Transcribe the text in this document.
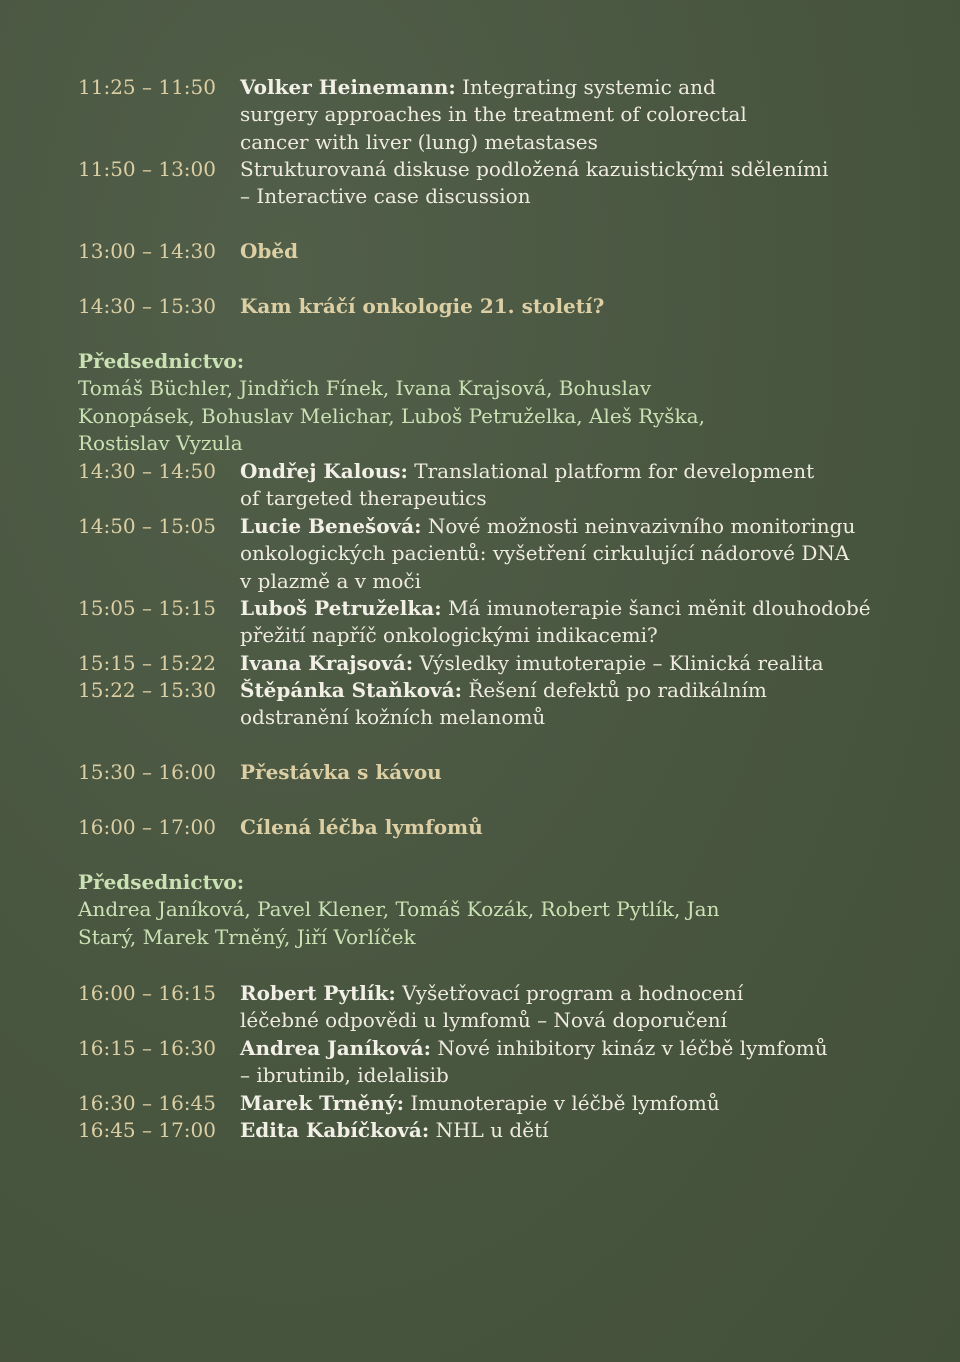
11:25 – 11:50	Volker Heinemann: Integrating systemic and surgery approaches in the treatment of colorectal cancer with liver (lung) metastases
11:50 – 13:00	Strukturovaná diskuse podložená kazuistickými sděleními – Interactive case discussion
13:00 – 14:30	Oběd
14:30 – 15:30	Kam kráčí onkologie 21. století?
Předsednictvo:
Tomáš Büchler, Jindřich Fínek, Ivana Krajsová, Bohuslav Konopásek, Bohuslav Melichar, Luboš Petruželka, Aleš Ryška, Rostislav Vyzula
14:30 – 14:50	Ondřej Kalous: Translational platform for development of targeted therapeutics
14:50 – 15:05	Lucie Benešová: Nové možnosti neinvazivního monitoringu onkologických pacientů: vyšetření cirkulující nádorové DNA v plazmě a v moči
15:05 – 15:15	Luboš Petruželka: Má imunoterapie šanci měnit dlouhodobé přežití napříč onkologickými indikacemi?
15:15 – 15:22	Ivana Krajsová: Výsledky imutoterapie – Klinická realita
15:22 – 15:30	Štěpánka Staňková: Řešení defektů po radikálním odstranění kožních melanomů
15:30 – 16:00	Přestávka s kávou
16:00 – 17:00	Cílená léčba lymfomů
Předsednictvo:
Andrea Janíková, Pavel Klener, Tomáš Kozák, Robert Pytlík, Jan Starý, Marek Trněný, Jiří Vorlíček
16:00 – 16:15	Robert Pytlík: Vyšetřovací program a hodnocení léčebné odpovědi u lymfomů – Nová doporučení
16:15 – 16:30	Andrea Janíková: Nové inhibitory kináz v léčbě lymfomů – ibrutinib, idelalisib
16:30 – 16:45	Marek Trněný: Imunoterapie v léčbě lymfomů
16:45 – 17:00	Edita Kabíčková: NHL u dětí
